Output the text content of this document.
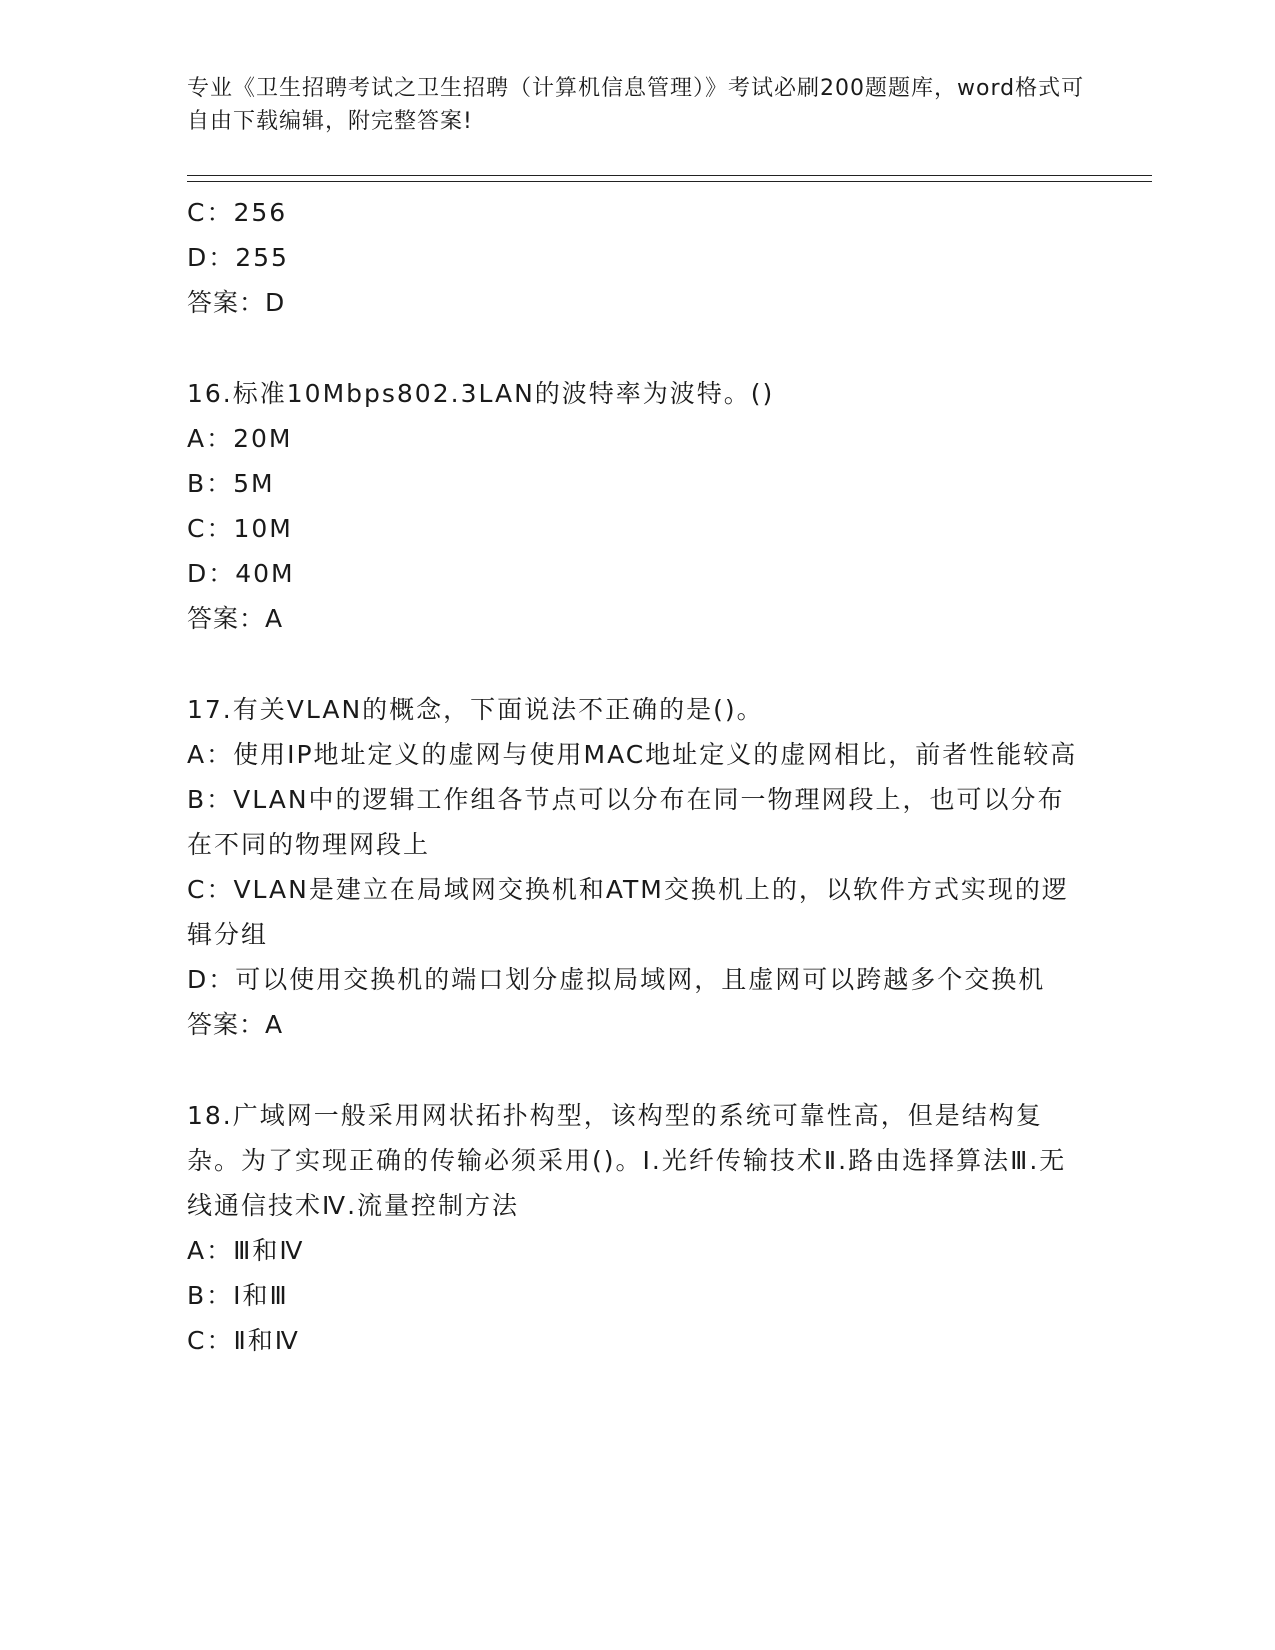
专业《卫生招聘考试之卫生招聘（计算机信息管理）》考试必刷200题题库，word格式可自由下载编辑，附完整答案!

C：256

D：255

答案：D

16.标准10Mbps802.3LAN的波特率为波特。()

A：20M

B：5M

C：10M

D：40M

答案：A

17.有关VLAN的概念，下面说法不正确的是()。

A：使用IP地址定义的虚网与使用MAC地址定义的虚网相比，前者性能较高

B：VLAN中的逻辑工作组各节点可以分布在同一物理网段上，也可以分布在不同的物理网段上

C：VLAN是建立在局域网交换机和ATM交换机上的，以软件方式实现的逻辑分组

D：可以使用交换机的端口划分虚拟局域网，且虚网可以跨越多个交换机

答案：A

18.广域网一般采用网状拓扑构型，该构型的系统可靠性高，但是结构复杂。为了实现正确的传输必须采用()。Ⅰ.光纤传输技术Ⅱ.路由选择算法Ⅲ.无线通信技术Ⅳ.流量控制方法

A：Ⅲ和Ⅳ

B：Ⅰ和Ⅲ

C：Ⅱ和Ⅳ
